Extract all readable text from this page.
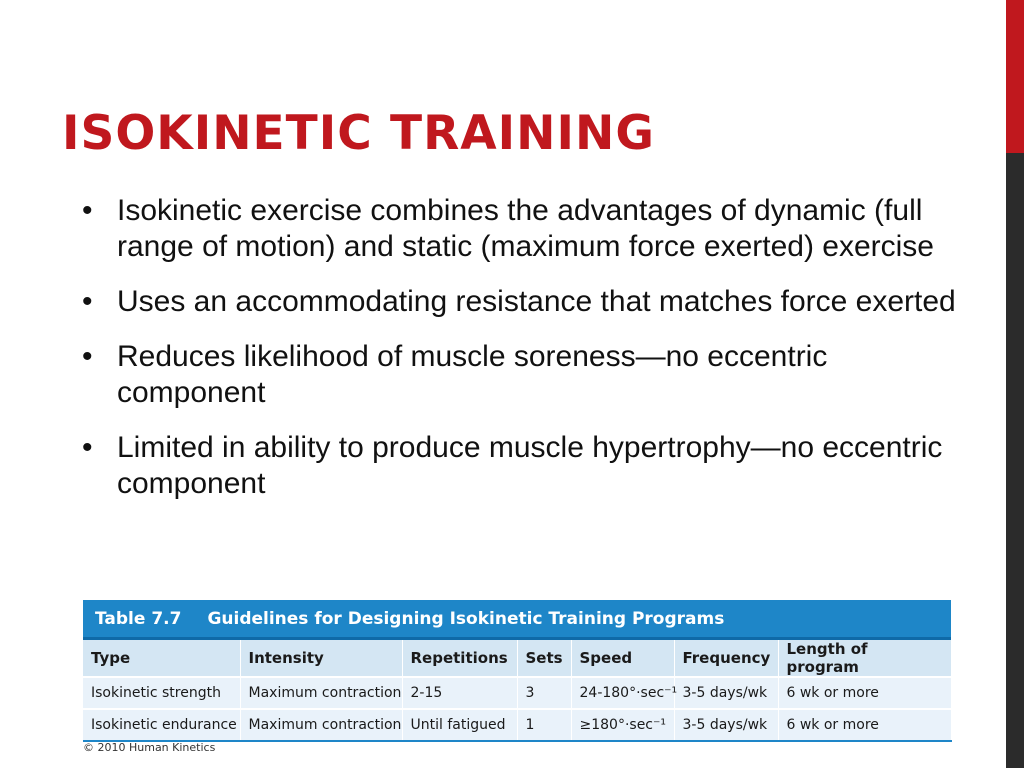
ISOKINETIC TRAINING
• Isokinetic exercise combines the advantages of dynamic (full range of motion) and static (maximum force exerted) exercise
• Uses an accommodating resistance that matches force exerted
• Reduces likelihood of muscle soreness—no eccentric component
• Limited in ability to produce muscle hypertrophy—no eccentric component
Table 7.7 Guidelines for Designing Isokinetic Training Programs
Type	Intensity	Repetitions	Sets	Speed	Frequency	Length of program
Isokinetic strength	Maximum contraction	2-15	3	24-180°·sec⁻¹	3-5 days/wk	6 wk or more
Isokinetic endurance	Maximum contraction	Until fatigued	1	≥180°·sec⁻¹	3-5 days/wk	6 wk or more
© 2010 Human Kinetics
